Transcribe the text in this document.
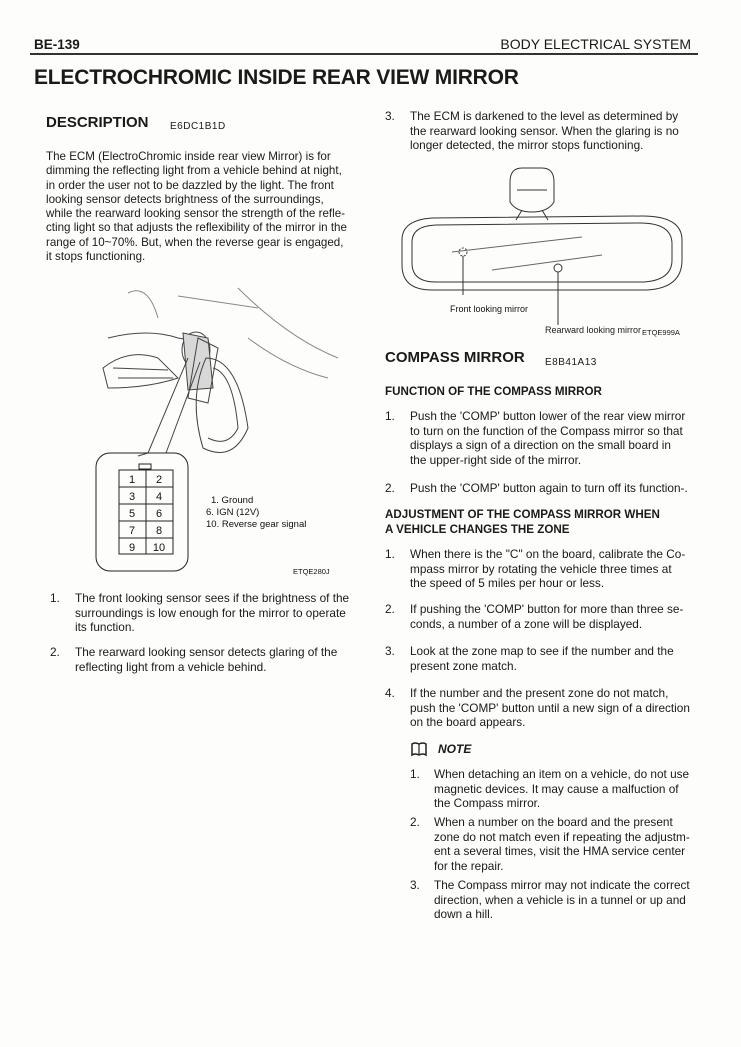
BE-139	BODY ELECTRICAL SYSTEM
ELECTROCHROMIC INSIDE REAR VIEW MIRROR
DESCRIPTION E6DC1B1D
The ECM (ElectroChromic inside rear view Mirror) is for
dimming the reflecting light from a vehicle behind at night,
in order the user not to be dazzled by the light. The front
looking sensor detects brightness of the surroundings,
while the rearward looking sensor the strength of the refle-
cting light so that adjusts the reflexibility of the mirror in the
range of 10~70%. But, when the reverse gear is engaged,
it stops functioning.
1 2
3 4
5 6
7 8
9 10
1. Ground
6. IGN (12V)
10. Reverse gear signal
ETQE280J
1. The front looking sensor sees if the brightness of the
surroundings is low enough for the mirror to operate
its function.
2. The rearward looking sensor detects glaring of the
reflecting light from a vehicle behind.
3. The ECM is darkened to the level as determined by
the rearward looking sensor. When the glaring is no
longer detected, the mirror stops functioning.
Front looking mirror
Rearward looking mirror ETQE999A
COMPASS MIRROR E8B41A13
FUNCTION OF THE COMPASS MIRROR
1. Push the 'COMP' button lower of the rear view mirror
to turn on the function of the Compass mirror so that
displays a sign of a direction on the small board in
the upper-right side of the mirror.
2. Push the 'COMP' button again to turn off its function-.
ADJUSTMENT OF THE COMPASS MIRROR WHEN
A VEHICLE CHANGES THE ZONE
1. When there is the "C" on the board, calibrate the Co-
mpass mirror by rotating the vehicle three times at
the speed of 5 miles per hour or less.
2. If pushing the 'COMP' button for more than three se-
conds, a number of a zone will be displayed.
3. Look at the zone map to see if the number and the
present zone match.
4. If the number and the present zone do not match,
push the 'COMP' button until a new sign of a direction
on the board appears.
NOTE
1. When detaching an item on a vehicle, do not use
magnetic devices. It may cause a malfuction of
the Compass mirror.
2. When a number on the board and the present
zone do not match even if repeating the adjustm-
ent a several times, visit the HMA service center
for the repair.
3. The Compass mirror may not indicate the correct
direction, when a vehicle is in a tunnel or up and
down a hill.
